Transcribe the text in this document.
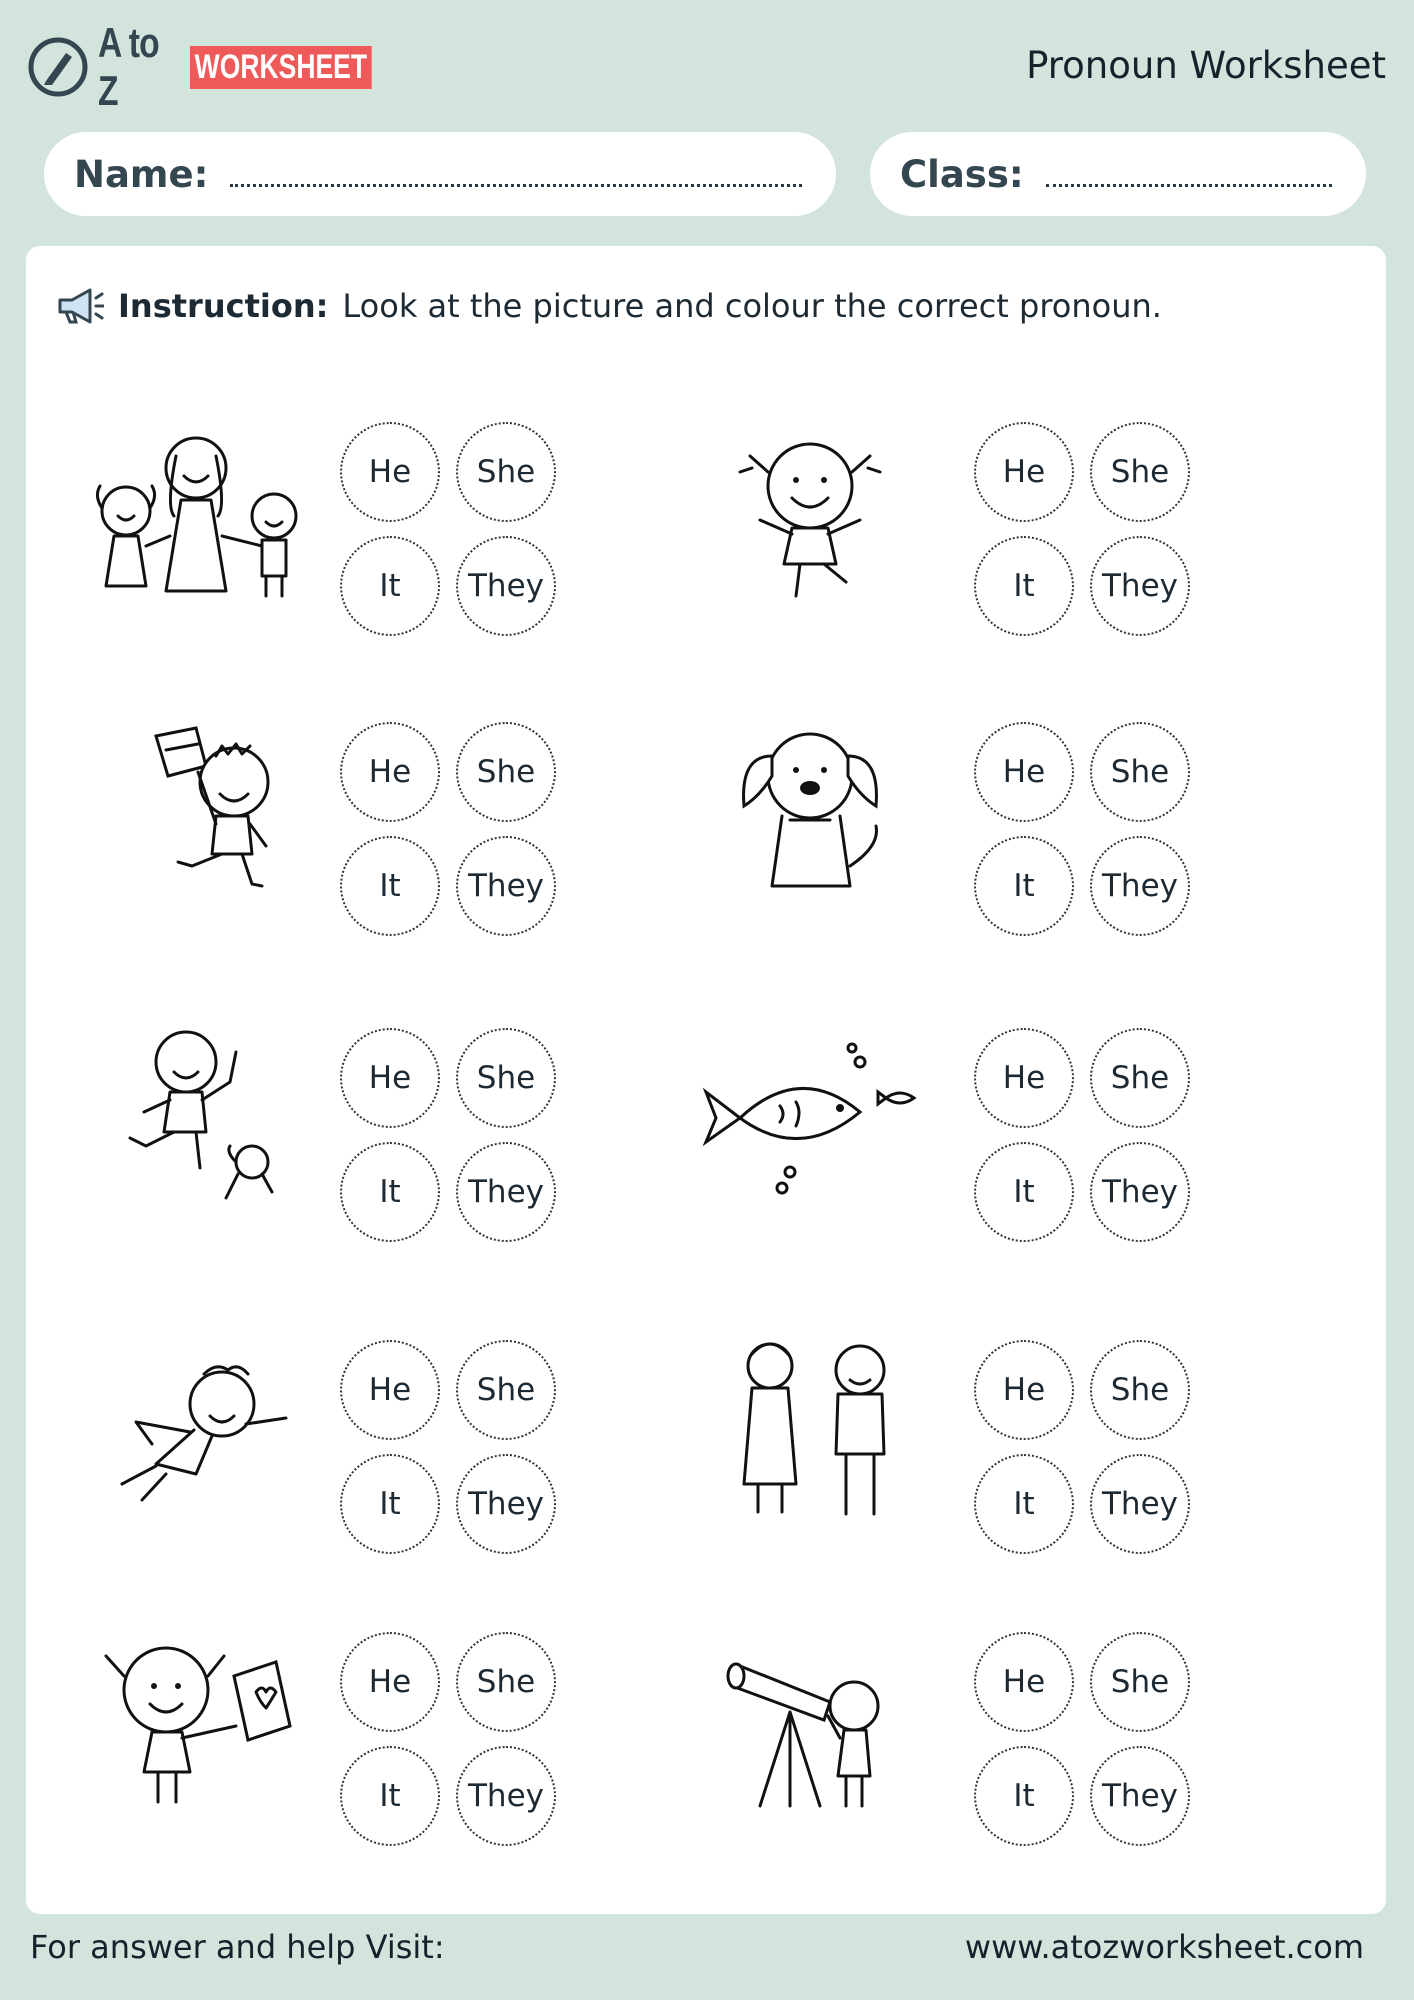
A to Z
WORKSHEET	Pronoun Worksheet
Name:	Class:
Instruction: Look at the picture and colour the correct pronoun.
He	She
It	They
He	She
It	They
He	She
It	They
He	She
It	They
He	She
It	They
He	She
It	They
He	She
It	They
He	She
It	They
He	She
It	They
He	She
It	They
For answer and help Visit:	www.atozworksheet.com
